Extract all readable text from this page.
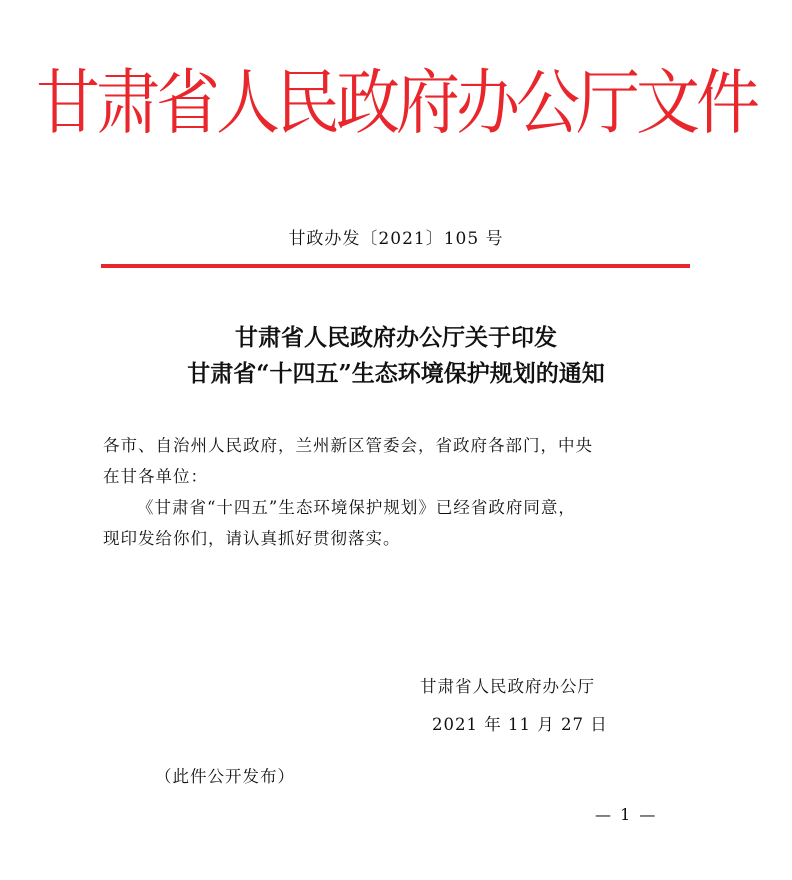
甘肃省人民政府办公厅文件
甘政办发〔2021〕105 号
甘肃省人民政府办公厅关于印发
甘肃省“十四五”生态环境保护规划的通知
各市、自治州人民政府，兰州新区管委会，省政府各部门，中央
在甘各单位：
《甘肃省“十四五”生态环境保护规划》已经省政府同意，
现印发给你们，请认真抓好贯彻落实。
甘肃省人民政府办公厅
2021 年 11 月 27 日
（此件公开发布）
— 1 —
